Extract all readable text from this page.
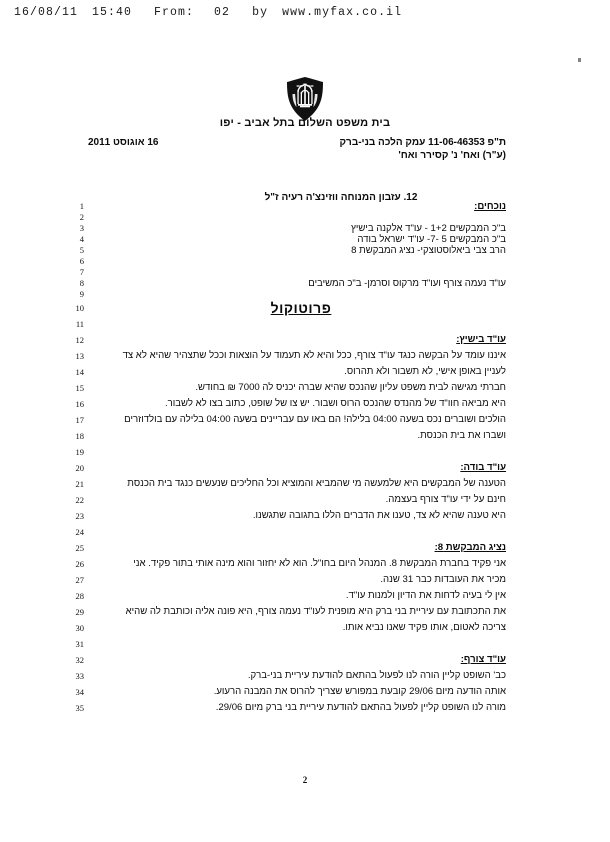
16/08/11 15:40 From: 02 by www.myfax.co.il
בית משפט השלום בתל אביב - יפו
ת"פ 11-06-46353 עמק הלכה בני-ברק
(ע"ר) ואח' נ' קסירר ואח'
16 אוגוסט 2011
12. עזבון המנוחה ווזינצ'ה רעיה ז"ל
1
2
3
4
5
6
7
8
9
10
11
12
13
14
15
16
17
18
19
20
21
22
23
24
25
26
27
28
29
30
31
32
33
34
35
נוכחים:

ב"כ המבקשים 1+2 - עו"ד אלקנה בישיץ
ב"כ המבקשים 5 -7- עו"ד ישראל בודה
הרב צבי ביאלוסטוצקי- נציג המבקשת 8

עו"ד נעמה צורף ועו"ד מרקוס וסרמן- ב"כ המשיבים

פרוטוקול

עו"ד בישיץ:
איננו עומד על הבקשה כנגד עו"ד צורף, ככל והיא לא תעמוד על הוצאות וככל שתצהיר שהיא לא צד
לעניין באופן אישי, לא תשבור ולא תהרוס.
חברתי מגישה לבית משפט עליון שהנכס שהיא שברה יכניס לה 7000 ₪ בחודש.
היא מביאה חוו"ד של מהנדס שהנכס הרוס ושבור. יש צו של שופט, כתוב בצו לא לשבור.
הולכים ושוברים נכס בשעה 04:00 בלילה! הם באו עם עבריינים בשעה 04:00 בלילה עם בולדוזרים
ושברו את בית הכנסת.

עו"ד בודה:
הטענה של המבקשים היא שלמעשה מי שהמביא והמוציא וכל החליכים שנעשים כנגד בית הכנסת
חינם על ידי עו"ד צורף בעצמה.
היא טענה שהיא לא צד, טענו את הדברים הללו בתגובה שתגשנו.

נציג המבקשת 8:
אני פקיד בחברת המבקשת 8. המנהל היום בחו"ל. הוא לא יחזור והוא מינה אותי בתור פקיד. אני
מכיר את העובדות כבר 31 שנה.
אין לי בעיה לדחות את הדיון ולמנות עו"ד.
את התכתובת עם עיריית בני ברק היא מופנית לעו"ד נעמה צורף, היא פונה אליה וכותבת לה שהיא
צריכה לאטום, אותו פקיד שאנו נביא אותו.

עו"ד צורף:
כב' השופט קליין הורה לנו לפעול בהתאם להודעת עיריית בני-ברק.
אותה הודעה מיום 29/06 קובעת במפורש שצריך להרוס את המבנה הרעוע.
מורה לנו השופט קליין לפעול בהתאם להודעת עיריית בני ברק מיום 29/06.
2
